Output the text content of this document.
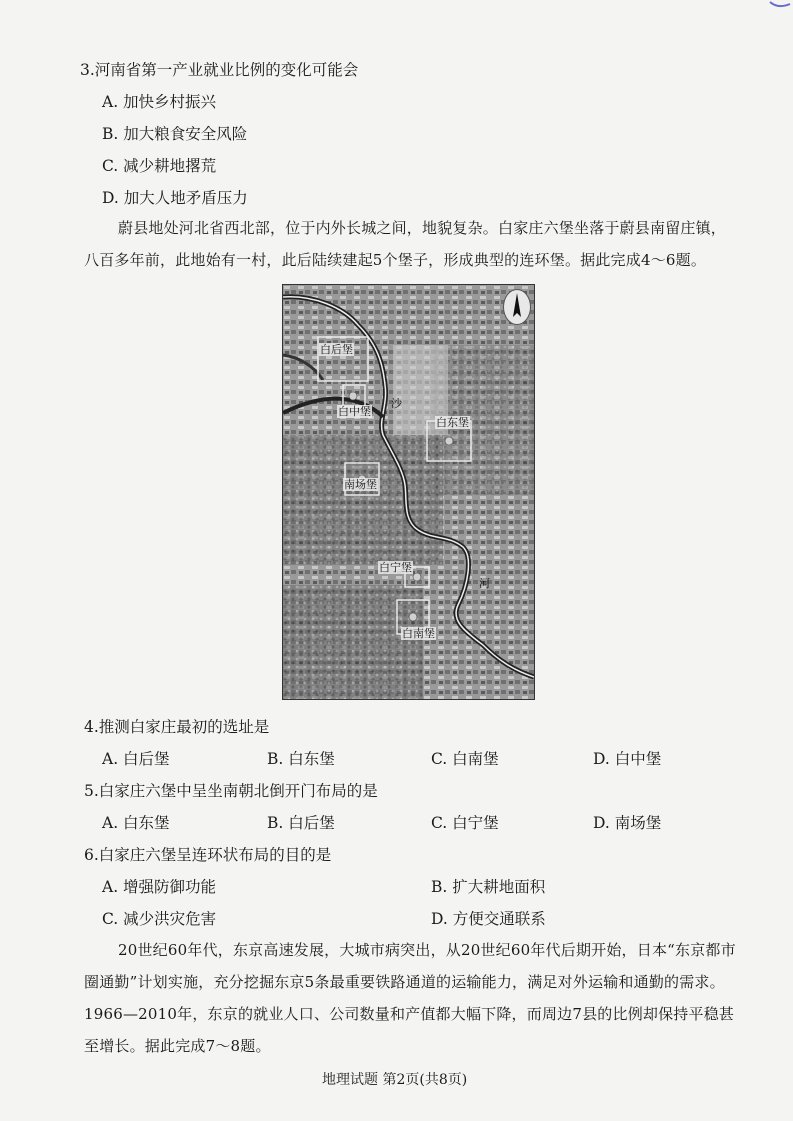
3.河南省第一产业就业比例的变化可能会
A. 加快乡村振兴
B. 加大粮食安全风险
C. 减少耕地撂荒
D. 加大人地矛盾压力
蔚县地处河北省西北部，位于内外长城之间，地貌复杂。白家庄六堡坐落于蔚县南留庄镇，
八百多年前，此地始有一村，此后陆续建起5个堡子，形成典型的连环堡。据此完成4～6题。
白后堡
白中堡
白东堡
南场堡
白宁堡
白南堡
沙
河
4.推测白家庄最初的选址是
A. 白后堡	B. 白东堡	C. 白南堡	D. 白中堡
5.白家庄六堡中呈坐南朝北倒开门布局的是
A. 白东堡	B. 白后堡	C. 白宁堡	D. 南场堡
6.白家庄六堡呈连环状布局的目的是
A. 增强防御功能	B. 扩大耕地面积
C. 减少洪灾危害	D. 方便交通联系
20世纪60年代，东京高速发展，大城市病突出，从20世纪60年代后期开始，日本“东京都市
圈通勤”计划实施，充分挖掘东京5条最重要铁路通道的运输能力，满足对外运输和通勤的需求。
1966—2010年，东京的就业人口、公司数量和产值都大幅下降，而周边7县的比例却保持平稳甚
至增长。据此完成7～8题。
地理试题 第2页(共8页)
